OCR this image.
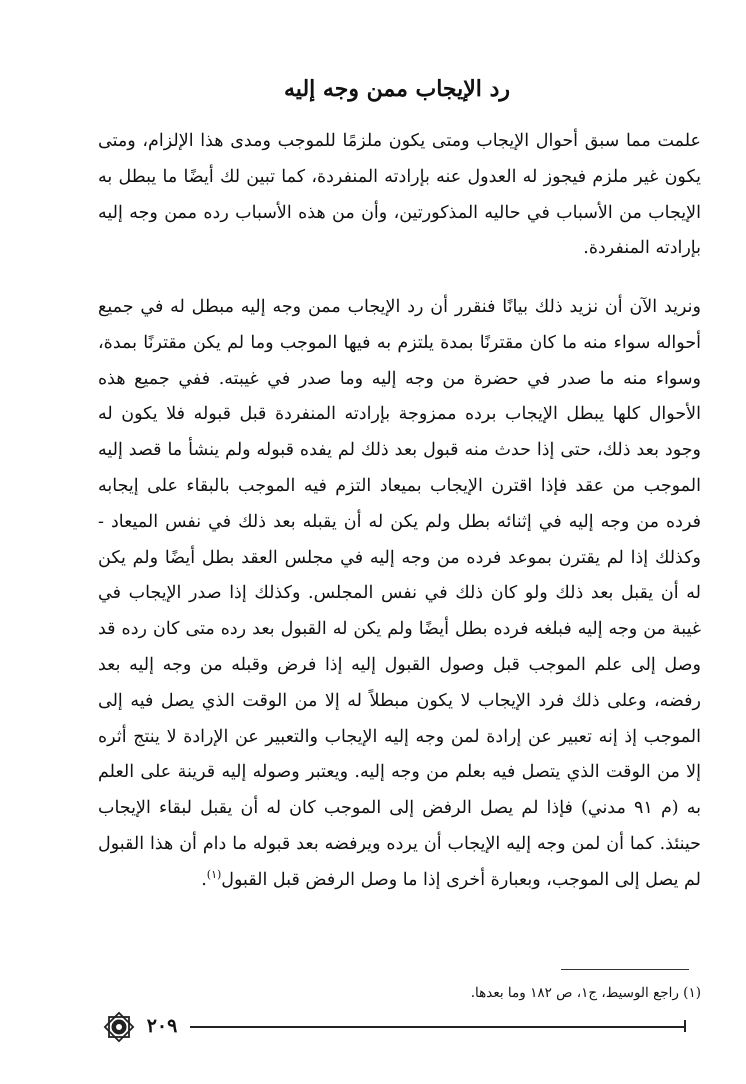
رد الإيجاب ممن وجه إليه
علمت مما سبق أحوال الإيجاب ومتى يكون ملزمًا للموجب ومدى هذا الإلزام، ومتى يكون غير ملزم فيجوز له العدول عنه بإرادته المنفردة، كما تبين لك أيضًا ما يبطل به الإيجاب من الأسباب في حاليه المذكورتين، وأن من هذه الأسباب رده ممن وجه إليه بإرادته المنفردة.
ونريد الآن أن نزيد ذلك بيانًا فنقرر أن رد الإيجاب ممن وجه إليه مبطل له في جميع أحواله سواء منه ما كان مقترنًا بمدة يلتزم به فيها الموجب وما لم يكن مقترنًا بمدة، وسواء منه ما صدر في حضرة من وجه إليه وما صدر في غيبته. ففي جميع هذه الأحوال كلها يبطل الإيجاب برده ممزوجة بإرادته المنفردة قبل قبوله فلا يكون له وجود بعد ذلك، حتى إذا حدث منه قبول بعد ذلك لم يفده قبوله ولم ينشأ ما قصد إليه الموجب من عقد فإذا اقترن الإيجاب بميعاد التزم فيه الموجب بالبقاء على إيجابه فرده من وجه إليه في إثنائه بطل ولم يكن له أن يقبله بعد ذلك في نفس الميعاد - وكذلك إذا لم يقترن بموعد فرده من وجه إليه في مجلس العقد بطل أيضًا ولم يكن له أن يقبل بعد ذلك ولو كان ذلك في نفس المجلس. وكذلك إذا صدر الإيجاب في غيبة من وجه إليه فبلغه فرده بطل أيضًا ولم يكن له القبول بعد رده متى كان رده قد وصل إلى علم الموجب قبل وصول القبول إليه إذا فرض وقبله من وجه إليه بعد رفضه، وعلى ذلك فرد الإيجاب لا يكون مبطلاً له إلا من الوقت الذي يصل فيه إلى الموجب إذ إنه تعبير عن إرادة لمن وجه إليه الإيجاب والتعبير عن الإرادة لا ينتج أثره إلا من الوقت الذي يتصل فيه بعلم من وجه إليه. ويعتبر وصوله إليه قرينة على العلم به (م ٩١ مدني) فإذا لم يصل الرفض إلى الموجب كان له أن يقبل لبقاء الإيجاب حينئذ. كما أن لمن وجه إليه الإيجاب أن يرده ويرفضه بعد قبوله ما دام أن هذا القبول لم يصل إلى الموجب، وبعبارة أخرى إذا ما وصل الرفض قبل القبول$^{(١)}$.
(١) راجع الوسيط، ج١، ص ١٨٢ وما بعدها.
٢٠٩
